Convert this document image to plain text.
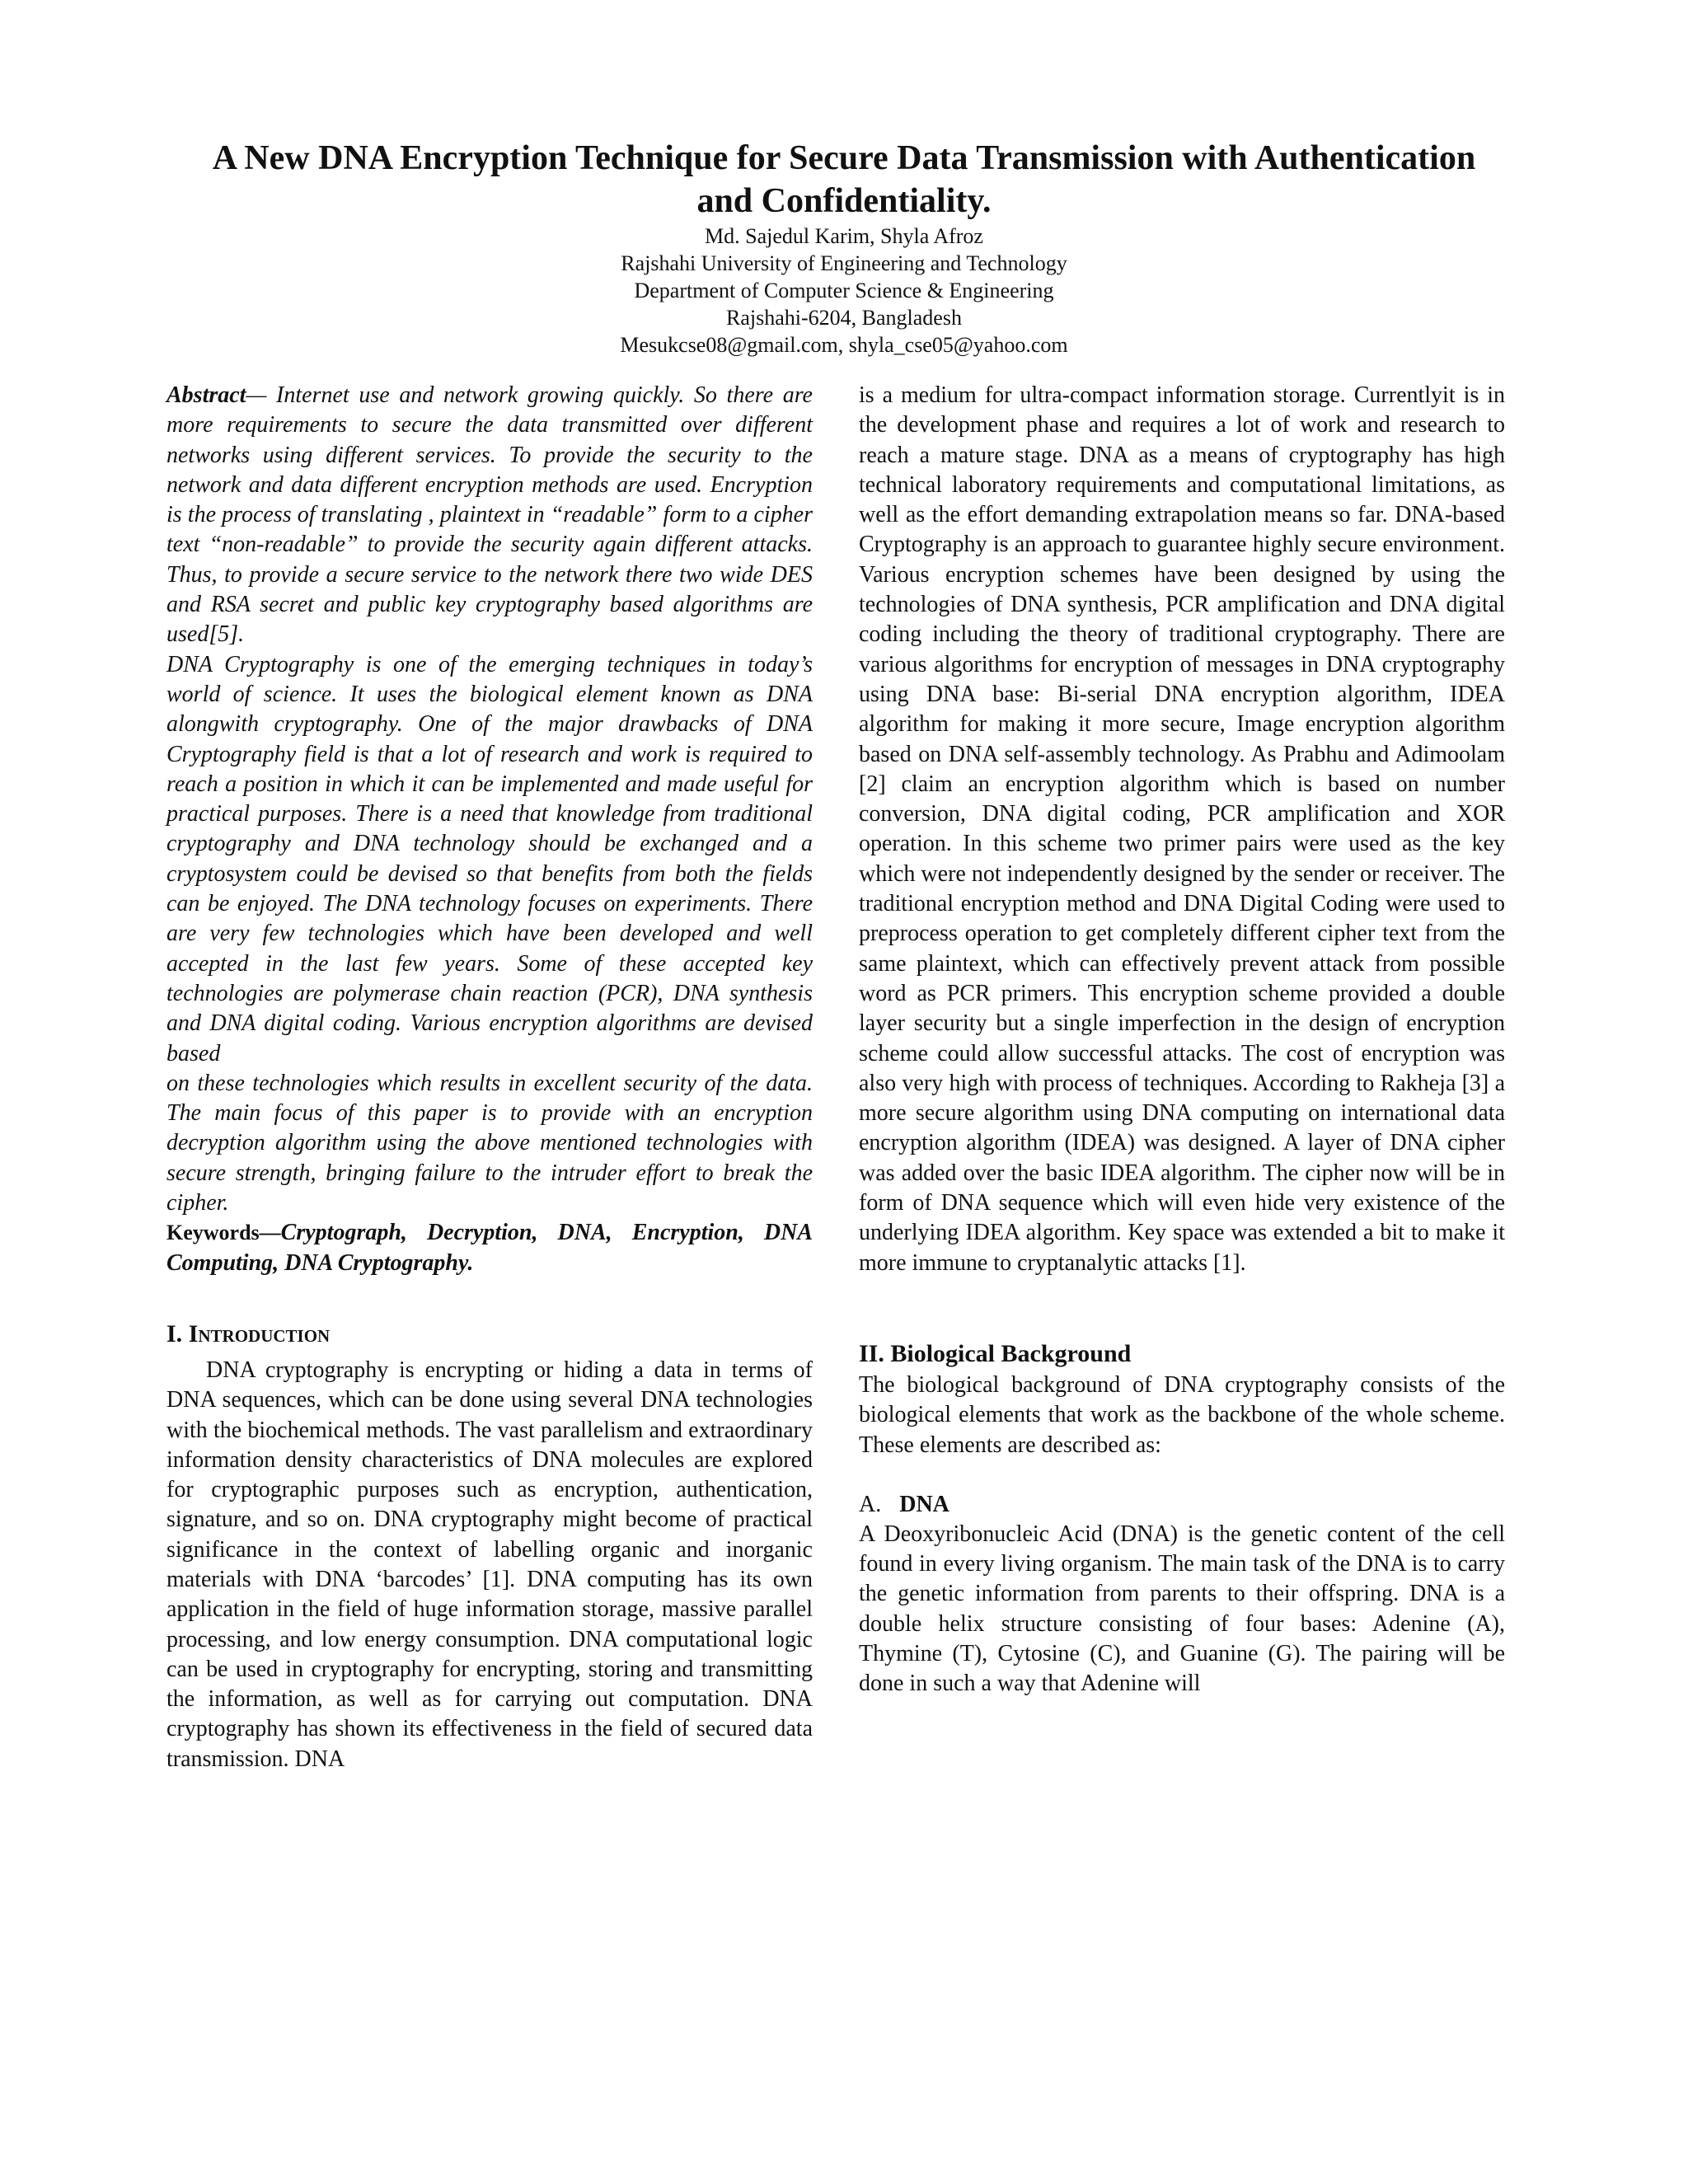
A New DNA Encryption Technique for Secure Data Transmission with Authentication
and Confidentiality.
Md. Sajedul Karim, Shyla Afroz
Rajshahi University of Engineering and Technology
Department of Computer Science & Engineering
Rajshahi-6204, Bangladesh
Mesukcse08@gmail.com, shyla_cse05@yahoo.com

Abstract— Internet use and network growing quickly. So there are more requirements to secure the data transmitted over different networks using different services. To provide the security to the network and data different encryption methods are used. Encryption is the process of translating , plaintext in “readable” form to a cipher text “non-readable” to provide the security again different attacks. Thus, to provide a secure service to the network there two wide DES and RSA secret and public key cryptography based algorithms are used[5].

DNA Cryptography is one of the emerging techniques in today’s world of science. It uses the biological element known as DNA alongwith cryptography. One of the major drawbacks of DNA Cryptography field is that a lot of research and work is required to reach a position in which it can be implemented and made useful for practical purposes. There is a need that knowledge from traditional cryptography and DNA technology should be exchanged and a cryptosystem could be devised so that benefits from both the fields can be enjoyed. The DNA technology focuses on experiments. There are very few technologies which have been developed and well accepted in the last few years. Some of these accepted key technologies are polymerase chain reaction (PCR), DNA synthesis and DNA digital coding. Various encryption algorithms are devised based

on these technologies which results in excellent security of the data. The main focus of this paper is to provide with an encryption decryption algorithm using the above mentioned technologies with secure strength, bringing failure to the intruder effort to break the cipher.

Keywords—Cryptograph, Decryption, DNA, Encryption, DNA Computing, DNA Cryptography.

I. Introduction

DNA cryptography is encrypting or hiding a data in terms of DNA sequences, which can be done using several DNA technologies with the biochemical methods. The vast parallelism and extraordinary information density characteristics of DNA molecules are explored for cryptographic purposes such as encryption, authentication, signature, and so on. DNA cryptography might become of practical significance in the context of labelling organic and inorganic materials with DNA ‘barcodes’ [1]. DNA computing has its own application in the field of huge information storage, massive parallel processing, and low energy consumption. DNA computational logic can be used in cryptography for encrypting, storing and transmitting the information, as well as for carrying out computation. DNA cryptography has shown its effectiveness in the field of secured data transmission. DNA

is a medium for ultra-compact information storage. Currentlyit is in the development phase and requires a lot of work and research to reach a mature stage. DNA as a means of cryptography has high technical laboratory requirements and computational limitations, as well as the effort demanding extrapolation means so far. DNA-based Cryptography is an approach to guarantee highly secure environment. Various encryption schemes have been designed by using the technologies of DNA synthesis, PCR amplification and DNA digital coding including the theory of traditional cryptography. There are various algorithms for encryption of messages in DNA cryptography using DNA base: Bi-serial DNA encryption algorithm, IDEA algorithm for making it more secure, Image encryption algorithm based on DNA self-assembly technology. As Prabhu and Adimoolam [2] claim an encryption algorithm which is based on number conversion, DNA digital coding, PCR amplification and XOR operation. In this scheme two primer pairs were used as the key which were not independently designed by the sender or receiver. The traditional encryption method and DNA Digital Coding were used to preprocess operation to get completely different cipher text from the same plaintext, which can effectively prevent attack from possible word as PCR primers. This encryption scheme provided a double layer security but a single imperfection in the design of encryption scheme could allow successful attacks. The cost of encryption was also very high with process of techniques. According to Rakheja [3] a more secure algorithm using DNA computing on international data encryption algorithm (IDEA) was designed. A layer of DNA cipher was added over the basic IDEA algorithm. The cipher now will be in form of DNA sequence which will even hide very existence of the underlying IDEA algorithm. Key space was extended a bit to make it more immune to cryptanalytic attacks [1].

II. Biological Background

The biological background of DNA cryptography consists of the biological elements that work as the backbone of the whole scheme. These elements are described as:

A. DNA

A Deoxyribonucleic Acid (DNA) is the genetic content of the cell found in every living organism. The main task of the DNA is to carry the genetic information from parents to their offspring. DNA is a double helix structure consisting of four bases: Adenine (A), Thymine (T), Cytosine (C), and Guanine (G). The pairing will be done in such a way that Adenine will
